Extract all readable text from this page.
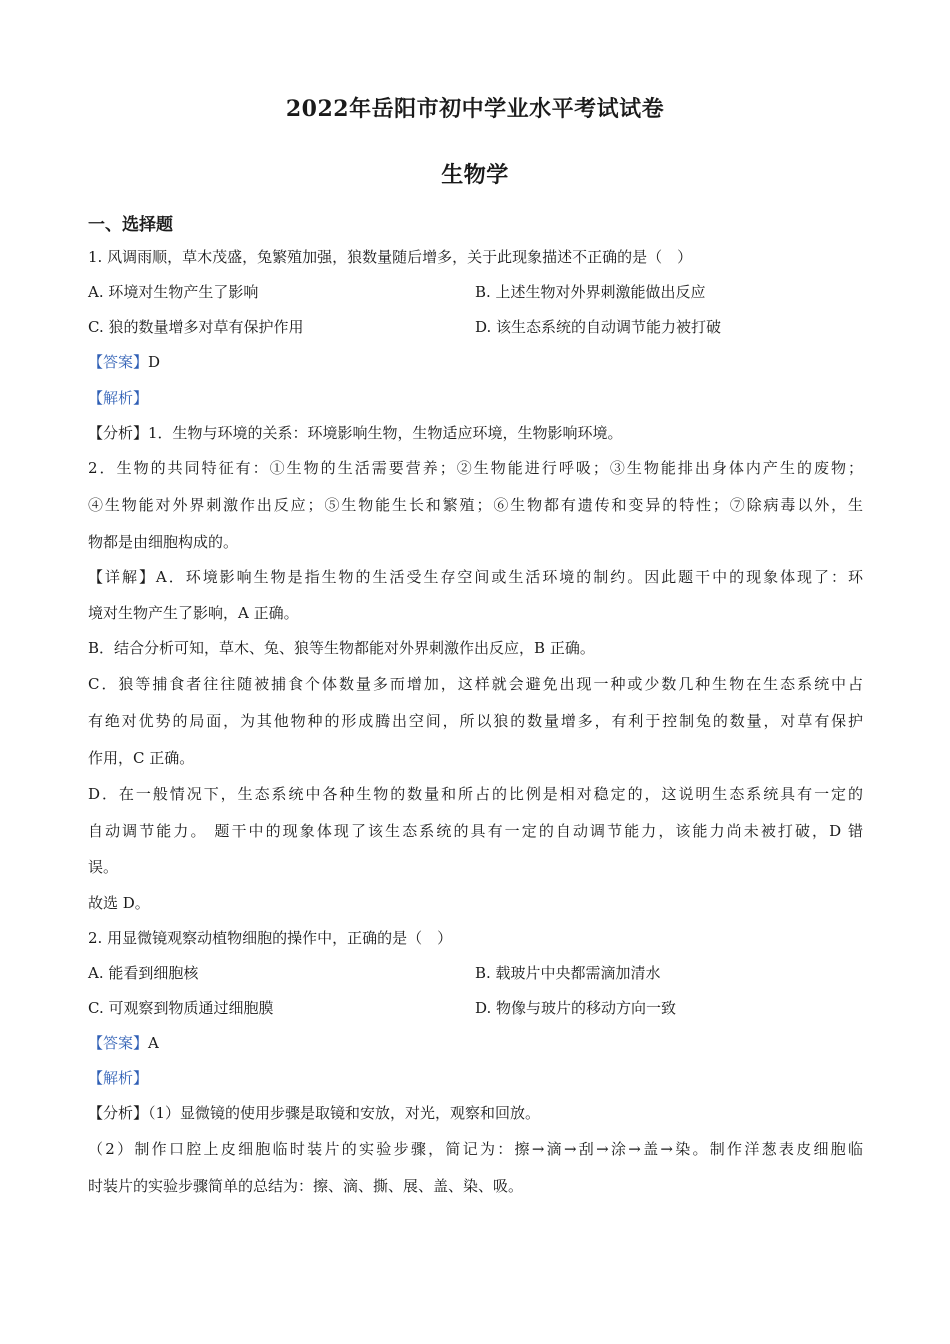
2022年岳阳市初中学业水平考试试卷
生物学
一、选择题
1. 风调雨顺，草木茂盛，兔繁殖加强，狼数量随后增多，关于此现象描述不正确的是（　）
A. 环境对生物产生了影响	B. 上述生物对外界刺激能做出反应
C. 狼的数量增多对草有保护作用	D. 该生态系统的自动调节能力被打破
【答案】D
【解析】
【分析】1．生物与环境的关系：环境影响生物，生物适应环境，生物影响环境。
2．生物的共同特征有：①生物的生活需要营养；②生物能进行呼吸；③生物能排出身体内产生的废物；
④生物能对外界刺激作出反应；⑤生物能生长和繁殖；⑥生物都有遗传和变异的特性；⑦除病毒以外，生
物都是由细胞构成的。
【详解】A．环境影响生物是指生物的生活受生存空间或生活环境的制约。因此题干中的现象体现了：环
境对生物产生了影响，A 正确。
B．结合分析可知，草木、兔、狼等生物都能对外界刺激作出反应，B 正确。
C．狼等捕食者往往随被捕食个体数量多而增加，这样就会避免出现一种或少数几种生物在生态系统中占
有绝对优势的局面，为其他物种的形成腾出空间，所以狼的数量增多，有利于控制兔的数量，对草有保护
作用，C 正确。
D．在一般情况下，生态系统中各种生物的数量和所占的比例是相对稳定的，这说明生态系统具有一定的
自动调节能力。 题干中的现象体现了该生态系统的具有一定的自动调节能力，该能力尚未被打破，D 错
误。
故选 D。
2. 用显微镜观察动植物细胞的操作中，正确的是（　）
A. 能看到细胞核	B. 载玻片中央都需滴加清水
C. 可观察到物质通过细胞膜	D. 物像与玻片的移动方向一致
【答案】A
【解析】
【分析】（1）显微镜的使用步骤是取镜和安放，对光，观察和回放。
（2）制作口腔上皮细胞临时装片的实验步骤，简记为：擦→滴→刮→涂→盖→染。制作洋葱表皮细胞临
时装片的实验步骤简单的总结为：擦、滴、撕、展、盖、染、吸。
